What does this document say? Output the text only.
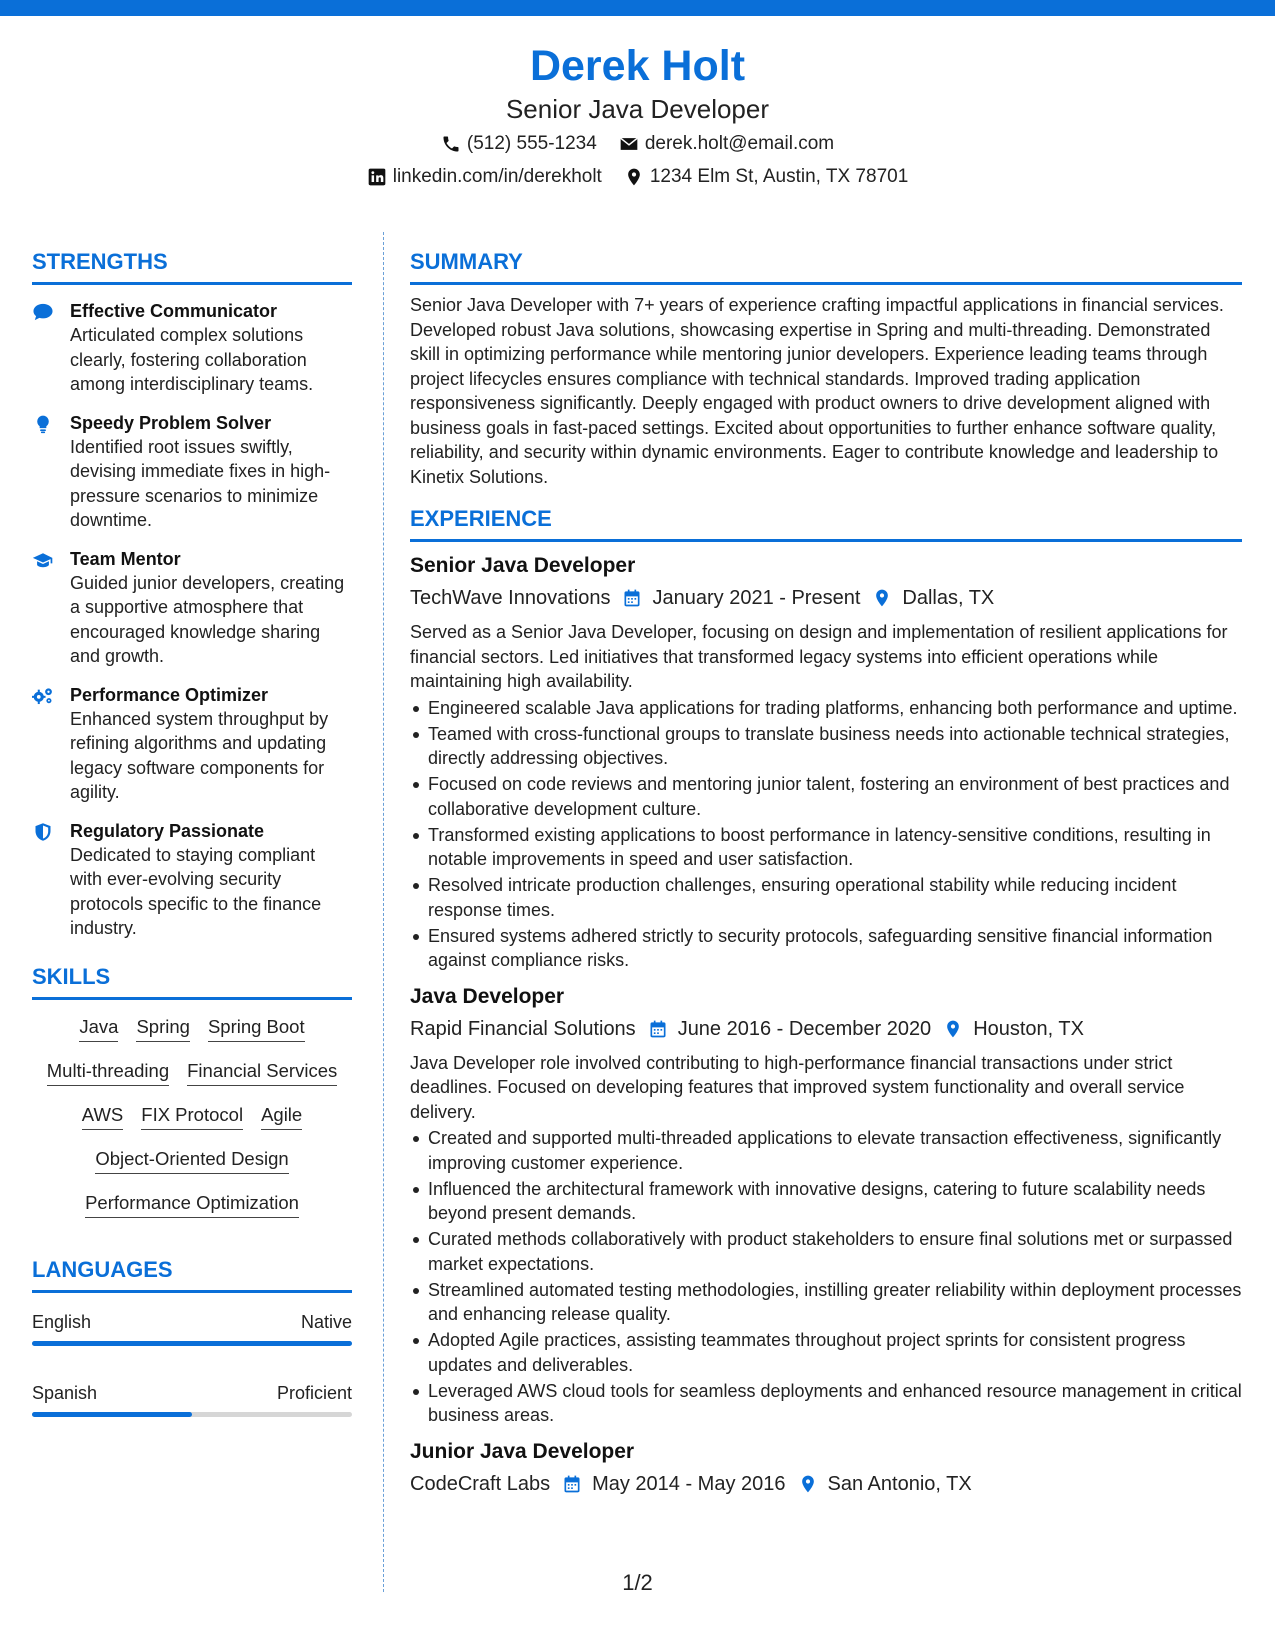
Derek Holt
Senior Java Developer
(512) 555-1234	derek.holt@email.com
linkedin.com/in/derekholt	1234 Elm St, Austin, TX 78701
STRENGTHS
Effective Communicator
Articulated complex solutions clearly, fostering collaboration among interdisciplinary teams.
Speedy Problem Solver
Identified root issues swiftly, devising immediate fixes in high-pressure scenarios to minimize downtime.
Team Mentor
Guided junior developers, creating a supportive atmosphere that encouraged knowledge sharing and growth.
Performance Optimizer
Enhanced system throughput by refining algorithms and updating legacy software components for agility.
Regulatory Passionate
Dedicated to staying compliant with ever-evolving security protocols specific to the finance industry.
SKILLS
Java Spring Spring Boot
Multi-threading Financial Services
AWS FIX Protocol Agile
Object-Oriented Design
Performance Optimization
LANGUAGES
English	Native
Spanish	Proficient
SUMMARY
Senior Java Developer with 7+ years of experience crafting impactful applications in financial services. Developed robust Java solutions, showcasing expertise in Spring and multi-threading. Demonstrated skill in optimizing performance while mentoring junior developers. Experience leading teams through project lifecycles ensures compliance with technical standards. Improved trading application responsiveness significantly. Deeply engaged with product owners to drive development aligned with business goals in fast-paced settings. Excited about opportunities to further enhance software quality, reliability, and security within dynamic environments. Eager to contribute knowledge and leadership to Kinetix Solutions.
EXPERIENCE
Senior Java Developer
TechWave Innovations January 2021 - Present Dallas, TX
Served as a Senior Java Developer, focusing on design and implementation of resilient applications for financial sectors. Led initiatives that transformed legacy systems into efficient operations while maintaining high availability.
Engineered scalable Java applications for trading platforms, enhancing both performance and uptime.
Teamed with cross-functional groups to translate business needs into actionable technical strategies, directly addressing objectives.
Focused on code reviews and mentoring junior talent, fostering an environment of best practices and collaborative development culture.
Transformed existing applications to boost performance in latency-sensitive conditions, resulting in notable improvements in speed and user satisfaction.
Resolved intricate production challenges, ensuring operational stability while reducing incident response times.
Ensured systems adhered strictly to security protocols, safeguarding sensitive financial information against compliance risks.
Java Developer
Rapid Financial Solutions June 2016 - December 2020 Houston, TX
Java Developer role involved contributing to high-performance financial transactions under strict deadlines. Focused on developing features that improved system functionality and overall service delivery.
Created and supported multi-threaded applications to elevate transaction effectiveness, significantly improving customer experience.
Influenced the architectural framework with innovative designs, catering to future scalability needs beyond present demands.
Curated methods collaboratively with product stakeholders to ensure final solutions met or surpassed market expectations.
Streamlined automated testing methodologies, instilling greater reliability within deployment processes and enhancing release quality.
Adopted Agile practices, assisting teammates throughout project sprints for consistent progress updates and deliverables.
Leveraged AWS cloud tools for seamless deployments and enhanced resource management in critical business areas.
Junior Java Developer
CodeCraft Labs May 2014 - May 2016 San Antonio, TX
1/2
